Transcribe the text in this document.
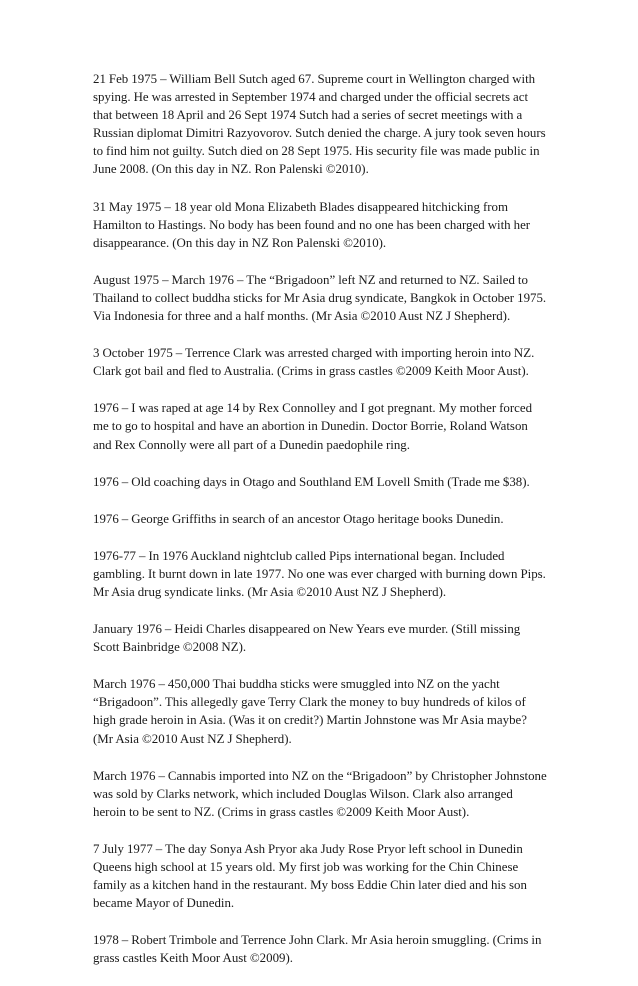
21 Feb 1975 – William Bell Sutch aged 67. Supreme court in Wellington charged with spying. He was arrested in September 1974 and charged under the official secrets act that between 18 April and 26 Sept 1974 Sutch had a series of secret meetings with a Russian diplomat Dimitri Razyovorov. Sutch denied the charge. A jury took seven hours to find him not guilty. Sutch died on 28 Sept 1975. His security file was made public in June 2008. (On this day in NZ. Ron Palenski ©2010).

31 May 1975 – 18 year old Mona Elizabeth Blades disappeared hitchicking from Hamilton to Hastings. No body has been found and no one has been charged with her disappearance. (On this day in NZ Ron Palenski ©2010).

August 1975 – March 1976 – The “Brigadoon” left NZ and returned to NZ. Sailed to Thailand to collect buddha sticks for Mr Asia drug syndicate, Bangkok in October 1975. Via Indonesia for three and a half months. (Mr Asia ©2010 Aust NZ J Shepherd).

3 October 1975 – Terrence Clark was arrested charged with importing heroin into NZ. Clark got bail and fled to Australia. (Crims in grass castles ©2009 Keith Moor Aust).

1976 – I was raped at age 14 by Rex Connolley and I got pregnant. My mother forced me to go to hospital and have an abortion in Dunedin. Doctor Borrie, Roland Watson and Rex Connolly were all part of a Dunedin paedophile ring.

1976 – Old coaching days in Otago and Southland EM Lovell Smith (Trade me $38).

1976 – George Griffiths in search of an ancestor Otago heritage books Dunedin.

1976-77 – In 1976 Auckland nightclub called Pips international began. Included gambling. It burnt down in late 1977. No one was ever charged with burning down Pips. Mr Asia drug syndicate links. (Mr Asia ©2010 Aust NZ J Shepherd).

January 1976 – Heidi Charles disappeared on New Years eve murder. (Still missing Scott Bainbridge ©2008 NZ).

March 1976 – 450,000 Thai buddha sticks were smuggled into NZ on the yacht “Brigadoon”. This allegedly gave Terry Clark the money to buy hundreds of kilos of high grade heroin in Asia. (Was it on credit?) Martin Johnstone was Mr Asia maybe? (Mr Asia ©2010 Aust NZ J Shepherd).

March 1976 – Cannabis imported into NZ on the “Brigadoon” by Christopher Johnstone was sold by Clarks network, which included Douglas Wilson. Clark also arranged heroin to be sent to NZ. (Crims in grass castles ©2009 Keith Moor Aust).

7 July 1977 – The day Sonya Ash Pryor aka Judy Rose Pryor left school in Dunedin Queens high school at 15 years old. My first job was working for the Chin Chinese family as a kitchen hand in the restaurant. My boss Eddie Chin later died and his son became Mayor of Dunedin.

1978 – Robert Trimbole and Terrence John Clark. Mr Asia heroin smuggling. (Crims in grass castles Keith Moor Aust ©2009).
